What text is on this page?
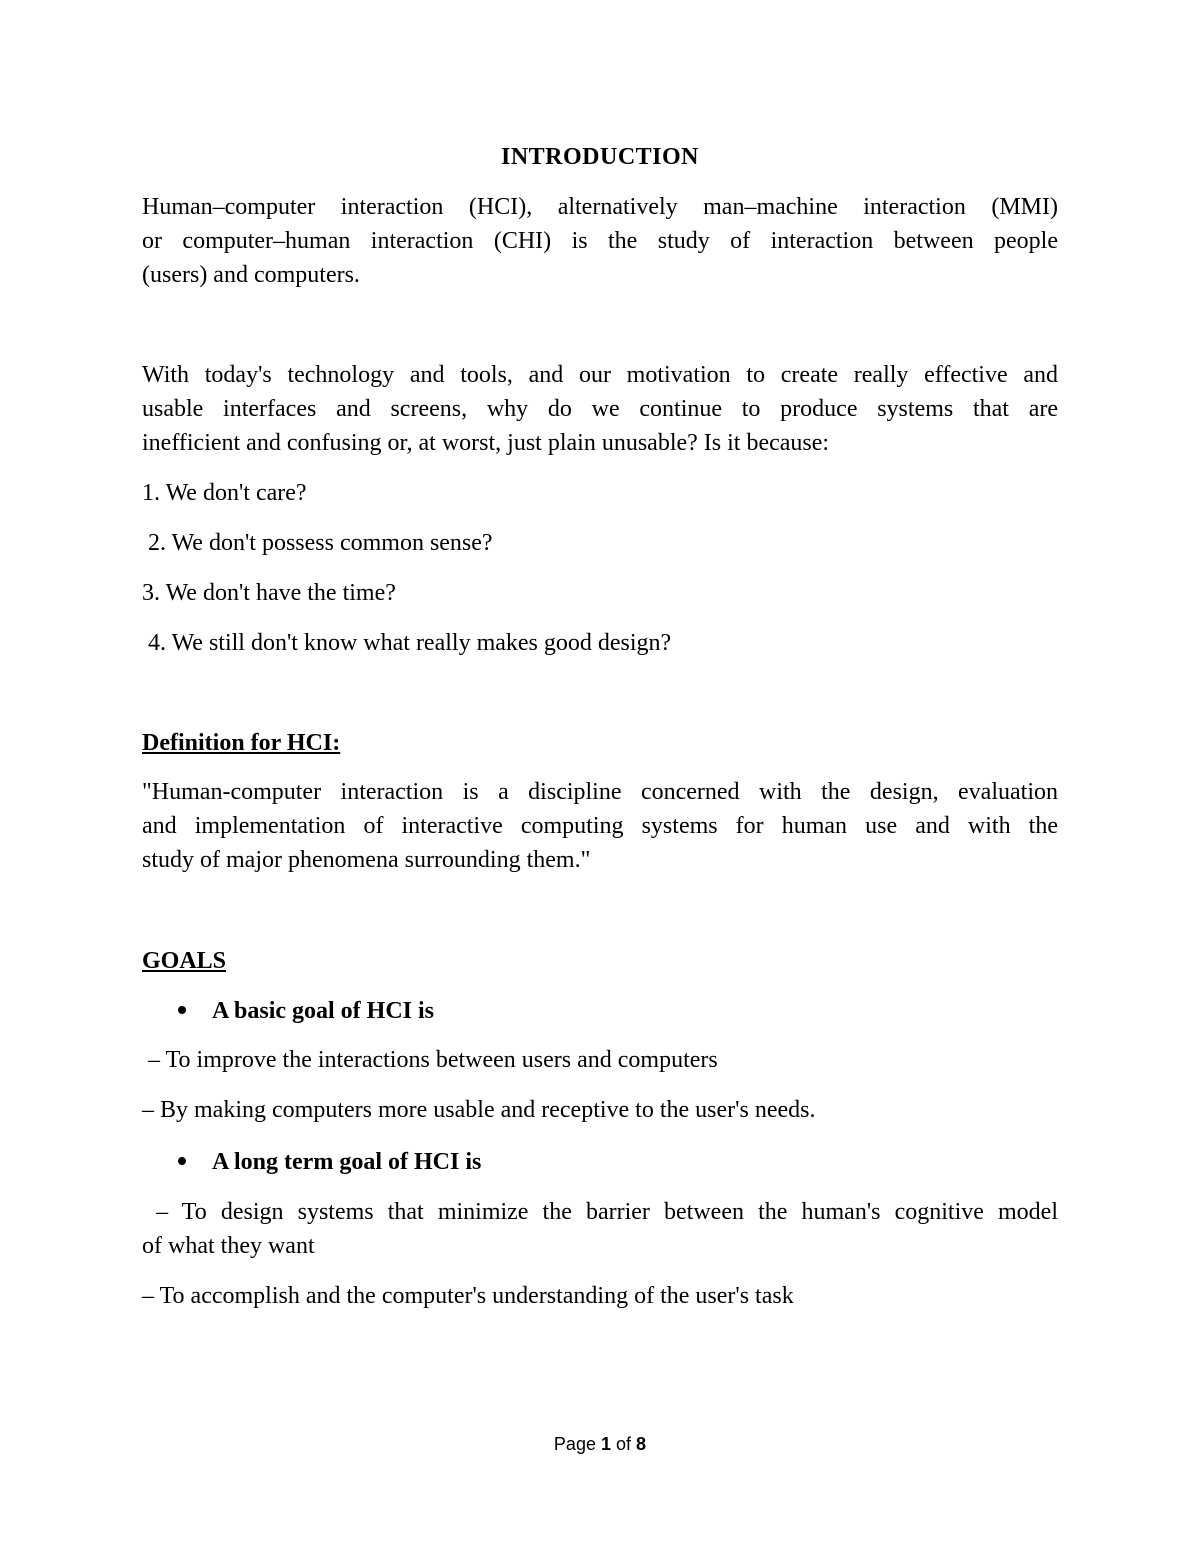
INTRODUCTION
Human–computer interaction (HCI), alternatively man–machine interaction (MMI)
or computer–human interaction (CHI) is the study of interaction between people
(users) and computers.
With today's technology and tools, and our motivation to create really effective and
usable interfaces and screens, why do we continue to produce systems that are
inefficient and confusing or, at worst, just plain unusable? Is it because:
1. We don't care?
2. We don't possess common sense?
3. We don't have the time?
4. We still don't know what really makes good design?
Definition for HCI:
"Human-computer interaction is a discipline concerned with the design, evaluation
and implementation of interactive computing systems for human use and with the
study of major phenomena surrounding them."
GOALS
A basic goal of HCI is
– To improve the interactions between users and computers
– By making computers more usable and receptive to the user's needs.
A long term goal of HCI is
– To design systems that minimize the barrier between the human's cognitive model
of what they want
– To accomplish and the computer's understanding of the user's task
Page 1 of 8
